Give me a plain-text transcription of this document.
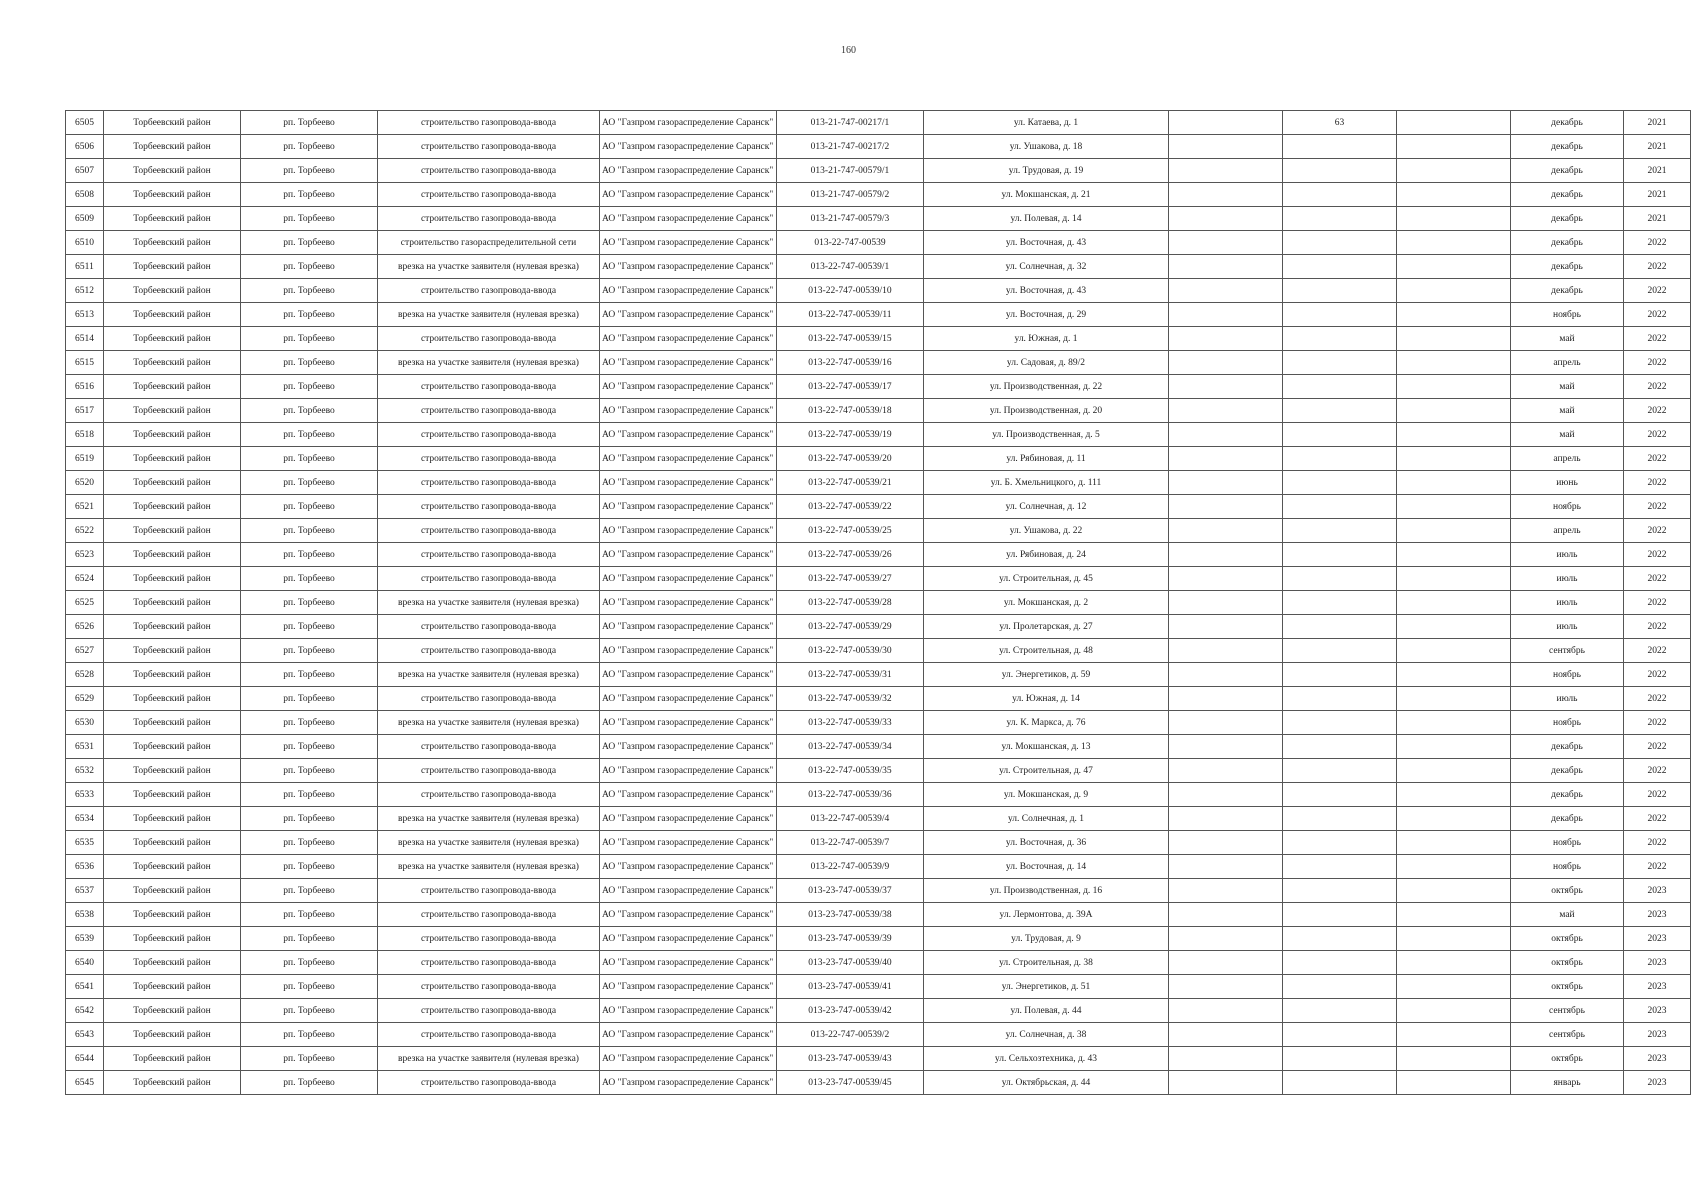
160
6505	Торбеевский район	рп. Торбеево	строительство газопровода-ввода	АО "Газпром газораспределение Саранск"	013-21-747-00217/1	ул. Катаева, д. 1		63		декабрь	2021
6506	Торбеевский район	рп. Торбеево	строительство газопровода-ввода	АО "Газпром газораспределение Саранск"	013-21-747-00217/2	ул. Ушакова, д. 18				декабрь	2021
6507	Торбеевский район	рп. Торбеево	строительство газопровода-ввода	АО "Газпром газораспределение Саранск"	013-21-747-00579/1	ул. Трудовая, д. 19				декабрь	2021
6508	Торбеевский район	рп. Торбеево	строительство газопровода-ввода	АО "Газпром газораспределение Саранск"	013-21-747-00579/2	ул. Мокшанская, д. 21				декабрь	2021
6509	Торбеевский район	рп. Торбеево	строительство газопровода-ввода	АО "Газпром газораспределение Саранск"	013-21-747-00579/3	ул. Полевая, д. 14				декабрь	2021
6510	Торбеевский район	рп. Торбеево	строительство газораспределительной сети	АО "Газпром газораспределение Саранск"	013-22-747-00539	ул. Восточная, д. 43				декабрь	2022
6511	Торбеевский район	рп. Торбеево	врезка на участке заявителя (нулевая врезка)	АО "Газпром газораспределение Саранск"	013-22-747-00539/1	ул. Солнечная, д. 32				декабрь	2022
6512	Торбеевский район	рп. Торбеево	строительство газопровода-ввода	АО "Газпром газораспределение Саранск"	013-22-747-00539/10	ул. Восточная, д. 43				декабрь	2022
6513	Торбеевский район	рп. Торбеево	врезка на участке заявителя (нулевая врезка)	АО "Газпром газораспределение Саранск"	013-22-747-00539/11	ул. Восточная, д. 29				ноябрь	2022
6514	Торбеевский район	рп. Торбеево	строительство газопровода-ввода	АО "Газпром газораспределение Саранск"	013-22-747-00539/15	ул. Южная, д. 1				май	2022
6515	Торбеевский район	рп. Торбеево	врезка на участке заявителя (нулевая врезка)	АО "Газпром газораспределение Саранск"	013-22-747-00539/16	ул. Садовая, д. 89/2				апрель	2022
6516	Торбеевский район	рп. Торбеево	строительство газопровода-ввода	АО "Газпром газораспределение Саранск"	013-22-747-00539/17	ул. Производственная, д. 22				май	2022
6517	Торбеевский район	рп. Торбеево	строительство газопровода-ввода	АО "Газпром газораспределение Саранск"	013-22-747-00539/18	ул. Производственная, д. 20				май	2022
6518	Торбеевский район	рп. Торбеево	строительство газопровода-ввода	АО "Газпром газораспределение Саранск"	013-22-747-00539/19	ул. Производственная, д. 5				май	2022
6519	Торбеевский район	рп. Торбеево	строительство газопровода-ввода	АО "Газпром газораспределение Саранск"	013-22-747-00539/20	ул. Рябиновая, д. 11				апрель	2022
6520	Торбеевский район	рп. Торбеево	строительство газопровода-ввода	АО "Газпром газораспределение Саранск"	013-22-747-00539/21	ул. Б. Хмельницкого, д. 111				июнь	2022
6521	Торбеевский район	рп. Торбеево	строительство газопровода-ввода	АО "Газпром газораспределение Саранск"	013-22-747-00539/22	ул. Солнечная, д. 12				ноябрь	2022
6522	Торбеевский район	рп. Торбеево	строительство газопровода-ввода	АО "Газпром газораспределение Саранск"	013-22-747-00539/25	ул. Ушакова, д. 22				апрель	2022
6523	Торбеевский район	рп. Торбеево	строительство газопровода-ввода	АО "Газпром газораспределение Саранск"	013-22-747-00539/26	ул. Рябиновая, д. 24				июль	2022
6524	Торбеевский район	рп. Торбеево	строительство газопровода-ввода	АО "Газпром газораспределение Саранск"	013-22-747-00539/27	ул. Строительная, д. 45				июль	2022
6525	Торбеевский район	рп. Торбеево	врезка на участке заявителя (нулевая врезка)	АО "Газпром газораспределение Саранск"	013-22-747-00539/28	ул. Мокшанская, д. 2				июль	2022
6526	Торбеевский район	рп. Торбеево	строительство газопровода-ввода	АО "Газпром газораспределение Саранск"	013-22-747-00539/29	ул. Пролетарская, д. 27				июль	2022
6527	Торбеевский район	рп. Торбеево	строительство газопровода-ввода	АО "Газпром газораспределение Саранск"	013-22-747-00539/30	ул. Строительная, д. 48				сентябрь	2022
6528	Торбеевский район	рп. Торбеево	врезка на участке заявителя (нулевая врезка)	АО "Газпром газораспределение Саранск"	013-22-747-00539/31	ул. Энергетиков, д. 59				ноябрь	2022
6529	Торбеевский район	рп. Торбеево	строительство газопровода-ввода	АО "Газпром газораспределение Саранск"	013-22-747-00539/32	ул. Южная, д. 14				июль	2022
6530	Торбеевский район	рп. Торбеево	врезка на участке заявителя (нулевая врезка)	АО "Газпром газораспределение Саранск"	013-22-747-00539/33	ул. К. Маркса, д. 76				ноябрь	2022
6531	Торбеевский район	рп. Торбеево	строительство газопровода-ввода	АО "Газпром газораспределение Саранск"	013-22-747-00539/34	ул. Мокшанская, д. 13				декабрь	2022
6532	Торбеевский район	рп. Торбеево	строительство газопровода-ввода	АО "Газпром газораспределение Саранск"	013-22-747-00539/35	ул. Строительная, д. 47				декабрь	2022
6533	Торбеевский район	рп. Торбеево	строительство газопровода-ввода	АО "Газпром газораспределение Саранск"	013-22-747-00539/36	ул. Мокшанская, д. 9				декабрь	2022
6534	Торбеевский район	рп. Торбеево	врезка на участке заявителя (нулевая врезка)	АО "Газпром газораспределение Саранск"	013-22-747-00539/4	ул. Солнечная, д. 1				декабрь	2022
6535	Торбеевский район	рп. Торбеево	врезка на участке заявителя (нулевая врезка)	АО "Газпром газораспределение Саранск"	013-22-747-00539/7	ул. Восточная, д. 36				ноябрь	2022
6536	Торбеевский район	рп. Торбеево	врезка на участке заявителя (нулевая врезка)	АО "Газпром газораспределение Саранск"	013-22-747-00539/9	ул. Восточная, д. 14				ноябрь	2022
6537	Торбеевский район	рп. Торбеево	строительство газопровода-ввода	АО "Газпром газораспределение Саранск"	013-23-747-00539/37	ул. Производственная, д. 16				октябрь	2023
6538	Торбеевский район	рп. Торбеево	строительство газопровода-ввода	АО "Газпром газораспределение Саранск"	013-23-747-00539/38	ул. Лермонтова, д. 39А				май	2023
6539	Торбеевский район	рп. Торбеево	строительство газопровода-ввода	АО "Газпром газораспределение Саранск"	013-23-747-00539/39	ул. Трудовая, д. 9				октябрь	2023
6540	Торбеевский район	рп. Торбеево	строительство газопровода-ввода	АО "Газпром газораспределение Саранск"	013-23-747-00539/40	ул. Строительная, д. 38				октябрь	2023
6541	Торбеевский район	рп. Торбеево	строительство газопровода-ввода	АО "Газпром газораспределение Саранск"	013-23-747-00539/41	ул. Энергетиков, д. 51				октябрь	2023
6542	Торбеевский район	рп. Торбеево	строительство газопровода-ввода	АО "Газпром газораспределение Саранск"	013-23-747-00539/42	ул. Полевая, д. 44				сентябрь	2023
6543	Торбеевский район	рп. Торбеево	строительство газопровода-ввода	АО "Газпром газораспределение Саранск"	013-22-747-00539/2	ул. Солнечная, д. 38				сентябрь	2023
6544	Торбеевский район	рп. Торбеево	врезка на участке заявителя (нулевая врезка)	АО "Газпром газораспределение Саранск"	013-23-747-00539/43	ул. Сельхозтехника, д. 43				октябрь	2023
6545	Торбеевский район	рп. Торбеево	строительство газопровода-ввода	АО "Газпром газораспределение Саранск"	013-23-747-00539/45	ул. Октябрьская, д. 44				январь	2023
